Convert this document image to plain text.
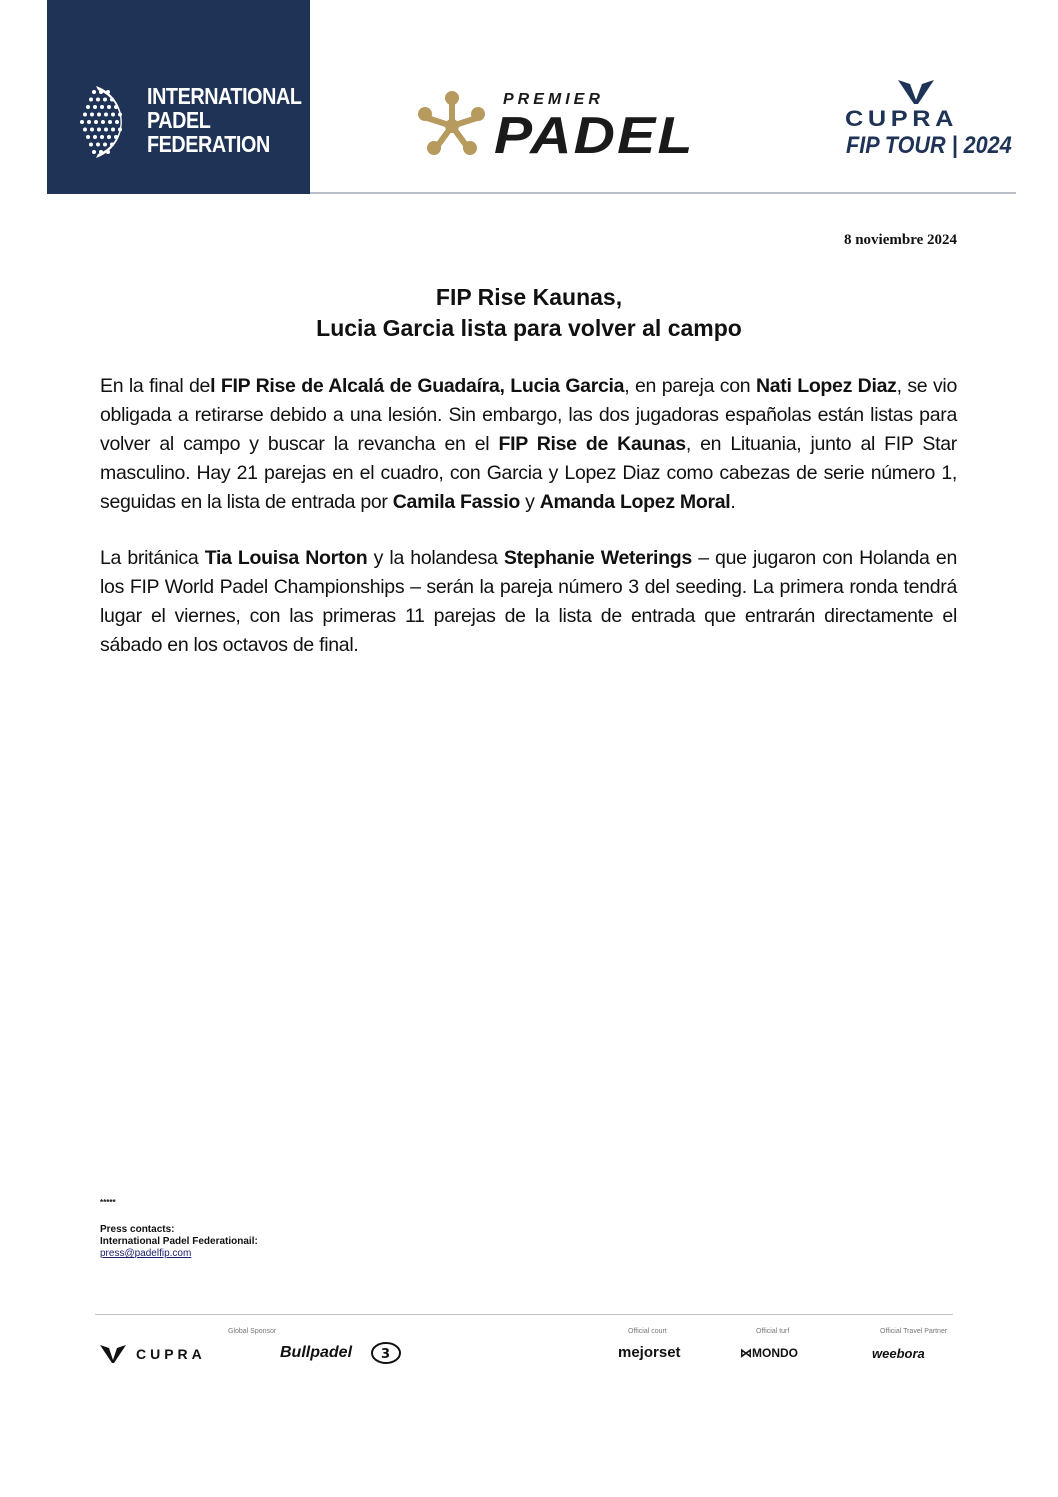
INTERNATIONAL
PADEL
FEDERATION
PREMIER
PADEL	CUPRA
FIP TOUR | 2024
8 noviembre 2024
FIP Rise Kaunas,
Lucia Garcia lista para volver al campo
En la final del FIP Rise de Alcalá de Guadaíra, Lucia Garcia, en pareja con Nati Lopez Diaz, se vio obligada a retirarse debido a una lesión. Sin embargo, las dos jugadoras españolas están listas para volver al campo y buscar la revancha en el FIP Rise de Kaunas, en Lituania, junto al FIP Star masculino. Hay 21 parejas en el cuadro, con Garcia y Lopez Diaz como cabezas de serie número 1, seguidas en la lista de entrada por Camila Fassio y Amanda Lopez Moral.
La británica Tia Louisa Norton y la holandesa Stephanie Weterings – que jugaron con Holanda en los FIP World Padel Championships – serán la pareja número 3 del seeding. La primera ronda tendrá lugar el viernes, con las primeras 11 parejas de la lista de entrada que entrarán directamente el sábado en los octavos de final.
*****
Press contacts:
International Padel Federationail:
press@padelfip.com
Global Sponsor
CUPRA	Bullpadel 3
Official court
mejorset
Official turf
⋈MONDO
Official Travel Partner
weebora
